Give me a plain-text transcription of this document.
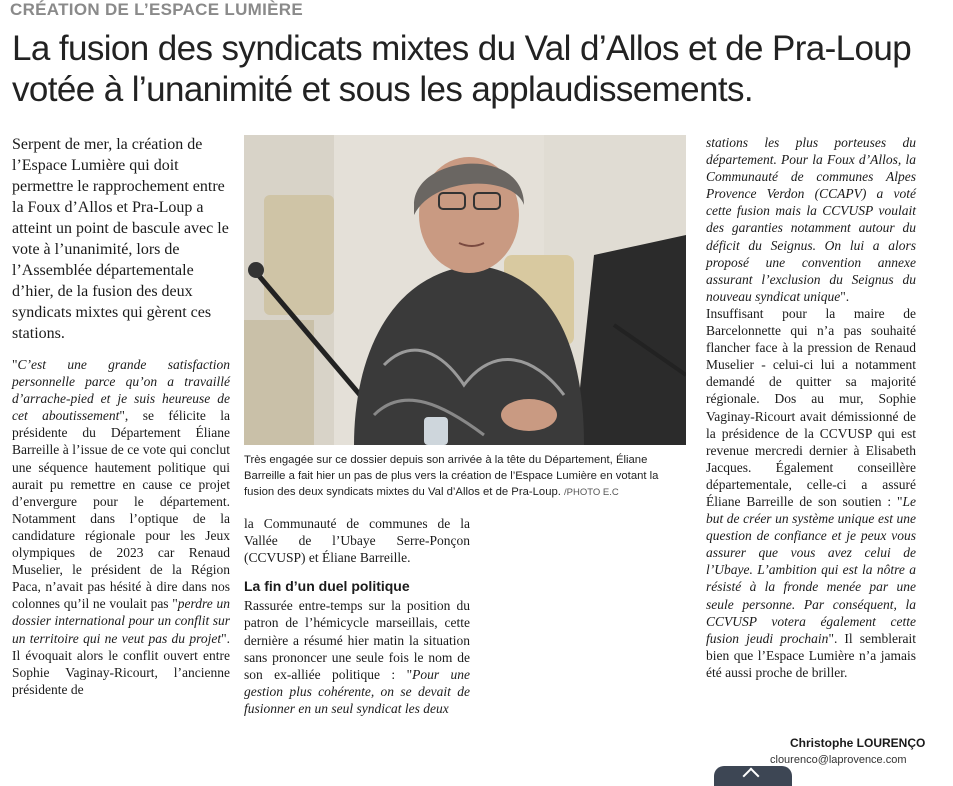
CRÉATION DE L’ESPACE LUMIÈRE
La fusion des syndicats mixtes du Val d’Allos et de Pra-Loup votée à l’unanimité et sous les applaudissements.

Serpent de mer, la création de l’Espace Lumière qui doit permettre le rapprochement entre la Foux d’Allos et Pra-Loup a atteint un point de bascule avec le vote à l’unanimité, lors de l’Assemblée départementale d’hier, de la fusion des deux syndicats mixtes qui gèrent ces stations.

"C’est une grande satisfaction personnelle parce qu’on a travaillé d’arrache-pied et je suis heureuse de cet aboutissement", se félicite la présidente du Département Éliane Barreille à l’issue de ce vote qui conclut une séquence hautement politique qui aurait pu remettre en cause ce projet d’envergure pour le département. Notamment dans l’optique de la candidature régionale pour les Jeux olympiques de 2023 car Renaud Muselier, le président de la Région Paca, n’avait pas hésité à dire dans nos colonnes qu’il ne voulait pas "perdre un dossier international pour un conflit sur un territoire qui ne veut pas du projet". Il évoquait alors le conflit ouvert entre Sophie Vaginay-Ricourt, l’ancienne présidente de

Très engagée sur ce dossier depuis son arrivée à la tête du Département, Éliane Barreille a fait hier un pas de plus vers la création de l’Espace Lumière en votant la fusion des deux syndicats mixtes du Val d’Allos et de Pra-Loup. /PHOTO E.C

la Communauté de communes de la Vallée de l’Ubaye Serre-Ponçon (CCVUSP) et Éliane Barreille.

La fin d’un duel politique

Rassurée entre-temps sur la position du patron de l’hémicycle marseillais, cette dernière a résumé hier matin la situation sans prononcer une seule fois le nom de son ex-alliée politique : "Pour une gestion plus cohérente, on se devait de fusionner en un seul syndicat les deux

stations les plus porteuses du département. Pour la Foux d’Allos, la Communauté de communes Alpes Provence Verdon (CCAPV) a voté cette fusion mais la CCVUSP voulait des garanties notamment autour du déficit du Seignus. On lui a alors proposé une convention annexe assurant l’exclusion du Seignus du nouveau syndicat unique".

Insuffisant pour la maire de Barcelonnette qui n’a pas souhaité flancher face à la pression de Renaud Muselier - celui-ci lui a notamment demandé de quitter sa majorité régionale. Dos au mur, Sophie Vaginay-Ricourt avait démissionné de la présidence de la CCVUSP qui est revenue mercredi dernier à Elisabeth Jacques. Également conseillère départementale, celle-ci a assuré Éliane Barreille de son soutien : "Le but de créer un système unique est une question de confiance et je peux vous assurer que vous avez celui de l’Ubaye. L’ambition qui est la nôtre a résisté à la fronde menée par une seule personne. Par conséquent, la CCVUSP votera également cette fusion jeudi prochain". Il semblerait bien que l’Espace Lumière n’a jamais été aussi proche de briller.

Christophe LOURENÇO
clourenco@laprovence.com
